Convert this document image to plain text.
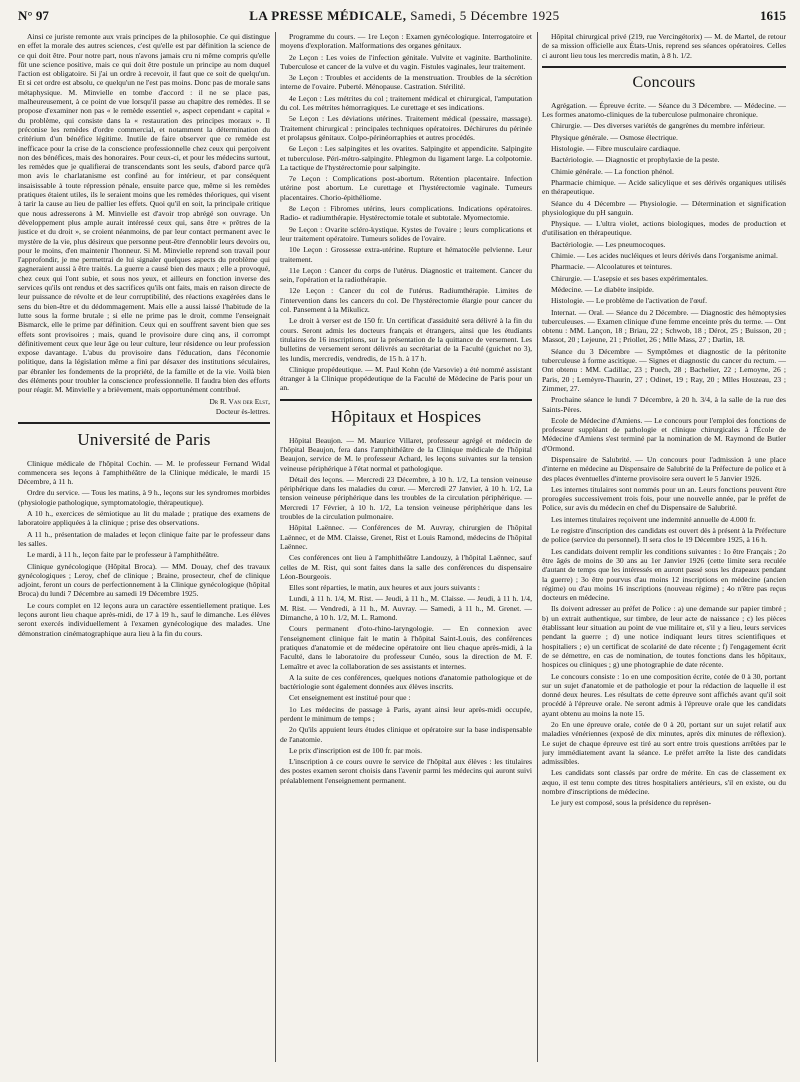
N° 97	LA PRESSE MÉDICALE, Samedi, 5 Décembre 1925	1615

Ainsi ce juriste remonte aux vrais principes de la philosophie. Ce qui distingue en effet la morale des autres sciences, c'est qu'elle est par définition la science de ce qui doit être. Pour notre part, nous n'avons jamais cru ni même compris qu'elle fût une science positive, mais ce qui doit être postule un principe au nom duquel l'action est obligatoire. Si j'ai un ordre à recevoir, il faut que ce soit de quelqu'un. Et si cet ordre est absolu, ce quelqu'un ne l'est pas moins. Donc pas de morale sans métaphysique. M. Minvielle en tombe d'accord : il ne se place pas, malheureusement, à ce point de vue lorsqu'il passe au chapitre des remèdes. Il se propose d'examiner non pas « le remède essentiel », aspect cependant « capital » du problème, qui consiste dans la « restauration des principes moraux ». Il préconise les remèdes d'ordre commercial, et notamment la détermination du critérium d'un bénéfice légitime. Inutile de faire observer que ce remède est inefficace pour la crise de la conscience professionnelle chez ceux qui perçoivent non des bénéfices, mais des honoraires. Pour ceux-ci, et pour les médecins surtout, les remèdes que je qualifierai de transcendants sont les seuls, d'abord parce qu'à mon avis le charlatanisme est confiné au for intérieur, et par conséquent insaisissable à toute répression pénale, ensuite parce que, même si les remèdes pratiques étaient utiles, ils le seraient moins que les remèdes théoriques, qui visent à tarir la cause au lieu de pallier les effets. Quoi qu'il en soit, la principale critique que nous adresserons à M. Minvielle est d'avoir trop abrégé son ouvrage. Un développement plus ample aurait intéressé ceux qui, sans être « prêtres de la justice et du droit », se croient néanmoins, de par leur contact permanent avec le mystère de la vie, plus désireux que personne peut-être d'ennoblir leurs devoirs ou, pour le moins, d'en maintenir l'honneur. Si M. Minvielle reprend son travail pour l'approfondir, je me permettrai de lui signaler quelques aspects du problème qui gagneraient aussi à être traités. La guerre a causé bien des maux ; elle a provoqué, chez ceux qui l'ont subie, et sous nos yeux, et ailleurs en fonction inverse des services qu'ils ont rendus et des sacrifices qu'ils ont faits, mais en raison directe de leur puissance de révolte et de leur corruptibilité, des réactions exagérées dans le sens du bien-être et du dédommagement. Mais elle a aussi laissé l'habitude de la lutte sous la forme brutale ; si elle ne prime pas le droit, comme l'enseignait Bismarck, elle le prime par définition. Ceux qui en souffrent savent bien que ses effets sont provisoires ; mais, quand le provisoire dure cinq ans, il corrompt définitivement ceux que leur âge ou leur culture, leur résidence ou leur profession expose davantage. L'abus du provisoire dans l'éducation, dans l'économie politique, dans la législation même a fini par désaxer des institutions séculaires, par ébranler les fondements de la propriété, de la famille et de la vie. Voilà bien des éléments pour troubler la conscience professionnelle. Il faudra bien des efforts pour réagir. M. Minvielle y a brièvement, mais opportunément contribué.

Dr R. Van der Elst,
Docteur ès-lettres.
Université de Paris

Clinique médicale de l'hôpital Cochin. — M. le professeur Fernand Widal commencera ses leçons à l'amphithéâtre de la Clinique médicale, le mardi 15 Décembre, à 11 h.

Ordre du service. — Tous les matins, à 9 h., leçons sur les syndromes morbides (physiologie pathologique, symptomatologie, thérapeutique).

A 10 h., exercices de sémiotique au lit du malade ; pratique des examens de laboratoire appliquées à la clinique ; prise des observations.

A 11 h., présentation de malades et leçon clinique faite par le professeur dans les salles.

Le mardi, à 11 h., leçon faite par le professeur à l'amphithéâtre.

Clinique gynécologique (Hôpital Broca). — MM. Douay, chef des travaux gynécologiques ; Leroy, chef de clinique ; Braine, prosecteur, chef de clinique adjoint, feront un cours de perfectionnement à la Clinique gynécologique (hôpital Broca) du lundi 7 Décembre au samedi 19 Décembre 1925.

Le cours complet en 12 leçons aura un caractère essentiellement pratique. Les leçons auront lieu chaque après-midi, de 17 à 19 h., sauf le dimanche. Les élèves seront exercés individuellement à l'examen gynécologique des malades. Une démonstration cinématographique aura lieu à la fin du cours.

Programme du cours. — 1re Leçon : Examen gynécologique. Interrogatoire et moyens d'exploration. Malformations des organes génitaux.

2e Leçon : Les voies de l'infection génitale. Vulvite et vaginite. Bartholinite. Tuberculose et cancer de la vulve et du vagin. Fistules vaginales, leur traitement.

3e Leçon : Troubles et accidents de la menstruation. Troubles de la sécrétion interne de l'ovaire. Puberté. Ménopause. Castration. Stérilité.

4e Leçon : Les métrites du col ; traitement médical et chirurgical, l'amputation du col. Les métrites hémorragiques. Le curettage et ses indications.

5e Leçon : Les déviations utérines. Traitement médical (pessaire, massage). Traitement chirurgical : principales techniques opératoires. Déchirures du périnée et prolapsus génitaux. Colpo-périnéorraphies et autres procédés.

6e Leçon : Les salpingites et les ovarites. Salpingite et appendicite. Salpingite et tuberculose. Péri-métro-salpingite. Phlegmon du ligament large. La colpotomie. La tactique de l'hystérectomie pour salpingite.

7e Leçon : Complications post-abortum. Rétention placentaire. Infection utérine post abortum. Le curettage et l'hystérectomie vaginale. Tumeurs placentaires. Chorio-épithéliome.

8e Leçon : Fibromes utérins, leurs complications. Indications opératoires. Radio- et radiumthérapie. Hystérectomie totale et subtotale. Myomectomie.

9e Leçon : Ovarite scléro-kystique. Kystes de l'ovaire ; leurs complications et leur traitement opératoire. Tumeurs solides de l'ovaire.

10e Leçon : Grossesse extra-utérine. Rupture et hématocèle pelvienne. Leur traitement.

11e Leçon : Cancer du corps de l'utérus. Diagnostic et traitement. Cancer du sein, l'opération et la radiothérapie.

12e Leçon : Cancer du col de l'utérus. Radiumthérapie. Limites de l'intervention dans les cancers du col. De l'hystérectomie élargie pour cancer du col. Pansement à la Mikulicz.

Le droit à verser est de 150 fr. Un certificat d'assiduité sera délivré à la fin du cours. Seront admis les docteurs français et étrangers, ainsi que les étudiants titulaires de 16 inscriptions, sur la présentation de la quittance de versement. Les bulletins de versement seront délivrés au secrétariat de la Faculté (guichet no 3), les lundis, mercredis, vendredis, de 15 h. à 17 h.

Clinique propédeutique. — M. Paul Kohn (de Varsovie) a été nommé assistant étranger à la Clinique propédeutique de la Faculté de Médecine de Paris pour un an.

Hôpitaux et Hospices

Hôpital Beaujon. — M. Maurice Villaret, professeur agrégé et médecin de l'hôpital Beaujon, fera dans l'amphithéâtre de la Clinique médicale de l'hôpital Beaujon, service de M. le professeur Achard, les leçons suivantes sur la tension veineuse périphérique à l'état normal et pathologique.

Détail des leçons. — Mercredi 23 Décembre, à 10 h. 1/2, La tension veineuse périphérique dans les maladies du cœur. — Mercredi 27 Janvier, à 10 h. 1/2, La tension veineuse périphérique dans les troubles de la circulation périphérique. — Mercredi 17 Février, à 10 h. 1/2, La tension veineuse périphérique dans les troubles de la circulation pulmonaire.

Hôpital Laënnec. — Conférences de M. Auvray, chirurgien de l'hôpital Laënnec, et de MM. Claisse, Grenet, Rist et Louis Ramond, médecins de l'hôpital Laënnec.

Ces conférences ont lieu à l'amphithéâtre Landouzy, à l'hôpital Laënnec, sauf celles de M. Rist, qui sont faites dans la salle des conférences du dispensaire Léon-Bourgeois.

Elles sont réparties, le matin, aux heures et aux jours suivants :

Lundi, à 11 h. 1/4, M. Rist. — Jeudi, à 11 h., M. Claisse. — Jeudi, à 11 h. 1/4, M. Rist. — Vendredi, à 11 h., M. Auvray. — Samedi, à 11 h., M. Grenet. — Dimanche, à 10 h. 1/2, M. L. Ramond.

Cours permanent d'oto-rhino-laryngologie. — En connexion avec l'enseignement clinique fait le matin à l'hôpital Saint-Louis, des conférences pratiques d'anatomie et de médecine opératoire ont lieu chaque après-midi, à la Faculté, dans le laboratoire du professeur Cunéo, sous la direction de M. F. Lemaître et avec la collaboration de ses assistants et internes.

A la suite de ces conférences, quelques notions d'anatomie pathologique et de bactériologie sont également données aux élèves inscrits.

Cet enseignement est institué pour que :

1o Les médecins de passage à Paris, ayant ainsi leur après-midi occupée, perdent le minimum de temps ;

2o Qu'ils appuient leurs études clinique et opératoire sur la base indispensable de l'anatomie.

Le prix d'inscription est de 100 fr. par mois.

L'inscription à ce cours ouvre le service de l'hôpital aux élèves : les titulaires des postes examen seront choisis dans l'avenir parmi les médecins qui auront suivi préalablement l'enseignement permanent.

Hôpital chirurgical privé (219, rue Vercingétorix) — M. de Martel, de retour de sa mission officielle aux États-Unis, reprend ses séances opératoires. Celles ci auront lieu tous les mercredis matin, à 8 h. 1/2.

Concours

Agrégation. — Épreuve écrite. — Séance du 3 Décembre. — Médecine. — Les formes anatomo-cliniques de la tuberculose pulmonaire chronique.

Chirurgie. — Des diverses variétés de gangrènes du membre inférieur.

Physique générale. — Osmose électrique.

Histologie. — Fibre musculaire cardiaque.

Bactériologie. — Diagnostic et prophylaxie de la peste.

Chimie générale. — La fonction phénol.

Pharmacie chimique. — Acide salicylique et ses dérivés organiques utilisés en thérapeutique.

Séance du 4 Décembre — Physiologie. — Détermination et signification physiologique du pH sanguin.

Physique. — L'ultra violet, actions biologiques, modes de production et d'utilisation en thérapeutique.

Bactériologie. — Les pneumocoques.

Chimie. — Les acides nucléiques et leurs dérivés dans l'organisme animal.

Pharmacie. — Alcoolatures et teintures.

Chirurgie. — L'asepsie et ses bases expérimentales.

Médecine. — Le diabète insipide.

Histologie. — Le problème de l'activation de l'œuf.

Internat. — Oral. — Séance du 2 Décembre. — Diagnostic des hémoptysies tuberculeuses. — Examen clinique d'une femme enceinte près du terme. — Ont obtenu : MM. Lançon, 18 ; Briau, 22 ; Schwob, 18 ; Dérot, 25 ; Buisson, 20 ; Massot, 20 ; Lejeune, 21 ; Priollet, 26 ; Mlle Mass, 27 ; Darlin, 18.

Séance du 3 Décembre — Symptômes et diagnostic de la péritonite tuberculeuse à forme ascitique. — Signes et diagnostic du cancer du rectum. — Ont obtenu : MM. Cadillac, 23 ; Puech, 28 ; Bachelier, 22 ; Lemoyne, 26 ; Paris, 20 ; Lemèyre-Thaurin, 27 ; Odinet, 19 ; Ray, 20 ; Mlles Houzeau, 23 ; Zimmer, 27.

Prochaine séance le lundi 7 Décembre, à 20 h. 3/4, à la salle de la rue des Saints-Pères.

Ecole de Médecine d'Amiens. — Le concours pour l'emploi des fonctions de professeur suppléant de pathologie et clinique chirurgicales à l'École de Médecine d'Amiens s'est terminé par la nomination de M. Raymond de Butler d'Ormond.

Dispensaire de Salubrité. — Un concours pour l'admission à une place d'interne en médecine au Dispensaire de Salubrité de la Préfecture de police et à des places éventuelles d'interne provisoire sera ouvert le 5 Janvier 1926.

Les internes titulaires sont nommés pour un an. Leurs fonctions peuvent être prorogées successivement trois fois, pour une nouvelle année, par le préfet de Police, sur avis du médecin en chef du Dispensaire de Salubrité.

Les internes titulaires reçoivent une indemnité annuelle de 4.000 fr.

Le registre d'inscription des candidats est ouvert dès à présent à la Préfecture de police (service du personnel). Il sera clos le 19 Décembre 1925, à 16 h.

Les candidats doivent remplir les conditions suivantes : 1o être Français ; 2o être âgés de moins de 30 ans au 1er Janvier 1926 (cette limite sera reculée d'autant de temps que les intéressés en auront passé sous les drapeaux pendant la guerre) ; 3o être pourvus d'au moins 12 inscriptions en médecine (ancien régime) ou d'au moins 16 inscriptions (nouveau régime) ; 4o n'être pas reçus docteurs en médecine.

Ils doivent adresser au préfet de Police : a) une demande sur papier timbré ; b) un extrait authentique, sur timbre, de leur acte de naissance ; c) les pièces établissant leur situation au point de vue militaire et, s'il y a lieu, leurs services pendant la guerre ; d) une notice indiquant leurs titres scientifiques et hospitaliers ; e) un certificat de scolarité de date récente ; f) l'engagement écrit de se démettre, en cas de nomination, de toutes fonctions dans les hôpitaux, hospices ou cliniques ; g) une photographie de date récente.

Le concours consiste : 1o en une composition écrite, cotée de 0 à 30, portant sur un sujet d'anatomie et de pathologie et pour la rédaction de laquelle il est donné deux heures. Les résultats de cette épreuve sont affichés avant qu'il soit procédé à l'épreuve orale. Ne seront admis à l'épreuve orale que les candidats ayant obtenu au moins la note 15.

2o En une épreuve orale, cotée de 0 à 20, portant sur un sujet relatif aux maladies vénériennes (exposé de dix minutes, après dix minutes de réflexion). Le sujet de chaque épreuve est tiré au sort entre trois questions arrêtées par le jury immédiatement avant la séance. Le préfet arrête la liste des candidats admissibles.

Les candidats sont classés par ordre de mérite. En cas de classement ex æquo, il est tenu compte des titres hospitaliers antérieurs, s'il en existe, ou du nombre d'inscriptions de médecine.

Le jury est composé, sous la présidence du représen-
